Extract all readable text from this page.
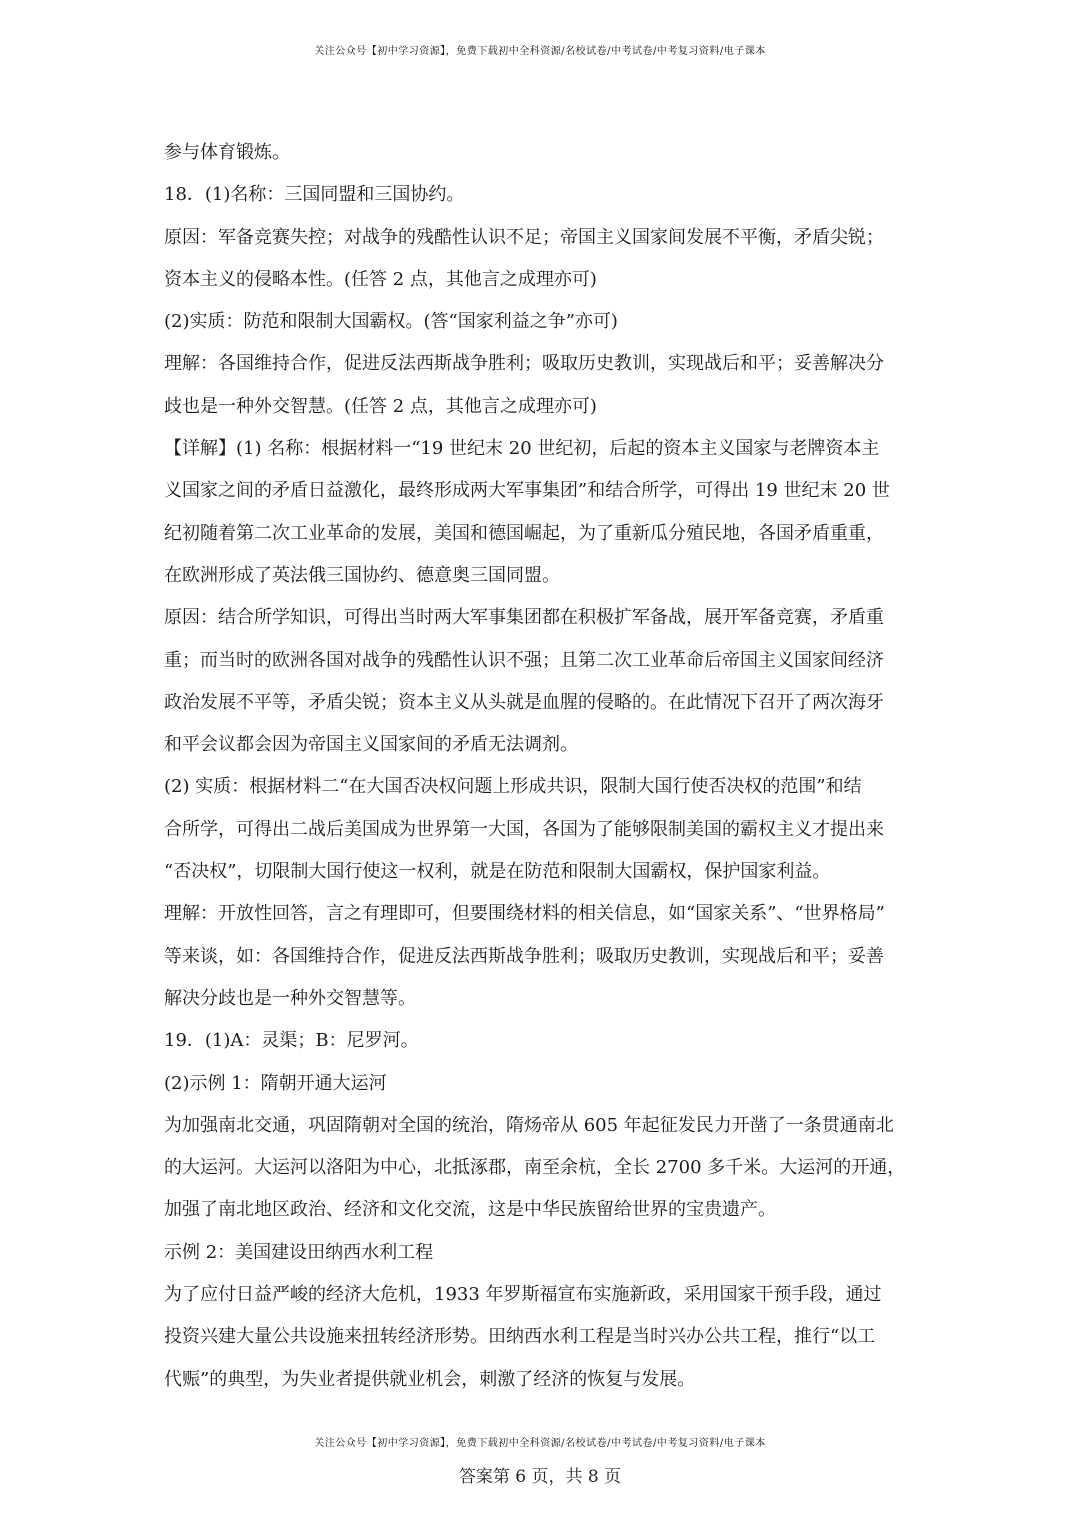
关注公众号【初中学习资源】，免费下载初中全科资源/名校试卷/中考试卷/中考复习资料/电子课本
参与体育锻炼。
18．(1)名称：三国同盟和三国协约。
原因：军备竞赛失控；对战争的残酷性认识不足；帝国主义国家间发展不平衡，矛盾尖锐；
资本主义的侵略本性。(任答 2 点，其他言之成理亦可)
(2)实质：防范和限制大国霸权。(答“国家利益之争”亦可)
理解：各国维持合作，促进反法西斯战争胜利；吸取历史教训，实现战后和平；妥善解决分
歧也是一种外交智慧。(任答 2 点，其他言之成理亦可)
【详解】(1) 名称：根据材料一“19 世纪末 20 世纪初，后起的资本主义国家与老牌资本主
义国家之间的矛盾日益激化，最终形成两大军事集团”和结合所学，可得出 19 世纪末 20 世
纪初随着第二次工业革命的发展，美国和德国崛起，为了重新瓜分殖民地，各国矛盾重重，
在欧洲形成了英法俄三国协约、德意奥三国同盟。
原因：结合所学知识，可得出当时两大军事集团都在积极扩军备战，展开军备竞赛，矛盾重
重；而当时的欧洲各国对战争的残酷性认识不强；且第二次工业革命后帝国主义国家间经济
政治发展不平等，矛盾尖锐；资本主义从头就是血腥的侵略的。在此情况下召开了两次海牙
和平会议都会因为帝国主义国家间的矛盾无法调剂。
(2) 实质：根据材料二“在大国否决权问题上形成共识，限制大国行使否决权的范围”和结
合所学，可得出二战后美国成为世界第一大国，各国为了能够限制美国的霸权主义才提出来
“否决权”，切限制大国行使这一权利，就是在防范和限制大国霸权，保护国家利益。
理解：开放性回答，言之有理即可，但要围绕材料的相关信息，如“国家关系”、“世界格局”
等来谈，如：各国维持合作，促进反法西斯战争胜利；吸取历史教训，实现战后和平；妥善
解决分歧也是一种外交智慧等。
19．(1)A：灵渠；B：尼罗河。
(2)示例 1：隋朝开通大运河
为加强南北交通，巩固隋朝对全国的统治，隋炀帝从 605 年起征发民力开凿了一条贯通南北
的大运河。大运河以洛阳为中心，北抵涿郡，南至余杭，全长 2700 多千米。大运河的开通，
加强了南北地区政治、经济和文化交流，这是中华民族留给世界的宝贵遗产。
示例 2：美国建设田纳西水利工程
为了应付日益严峻的经济大危机，1933 年罗斯福宣布实施新政，采用国家干预手段，通过
投资兴建大量公共设施来扭转经济形势。田纳西水利工程是当时兴办公共工程，推行“以工
代赈”的典型，为失业者提供就业机会，刺激了经济的恢复与发展。
关注公众号【初中学习资源】，免费下载初中全科资源/名校试卷/中考试卷/中考复习资料/电子课本
答案第 6 页，共 8 页
